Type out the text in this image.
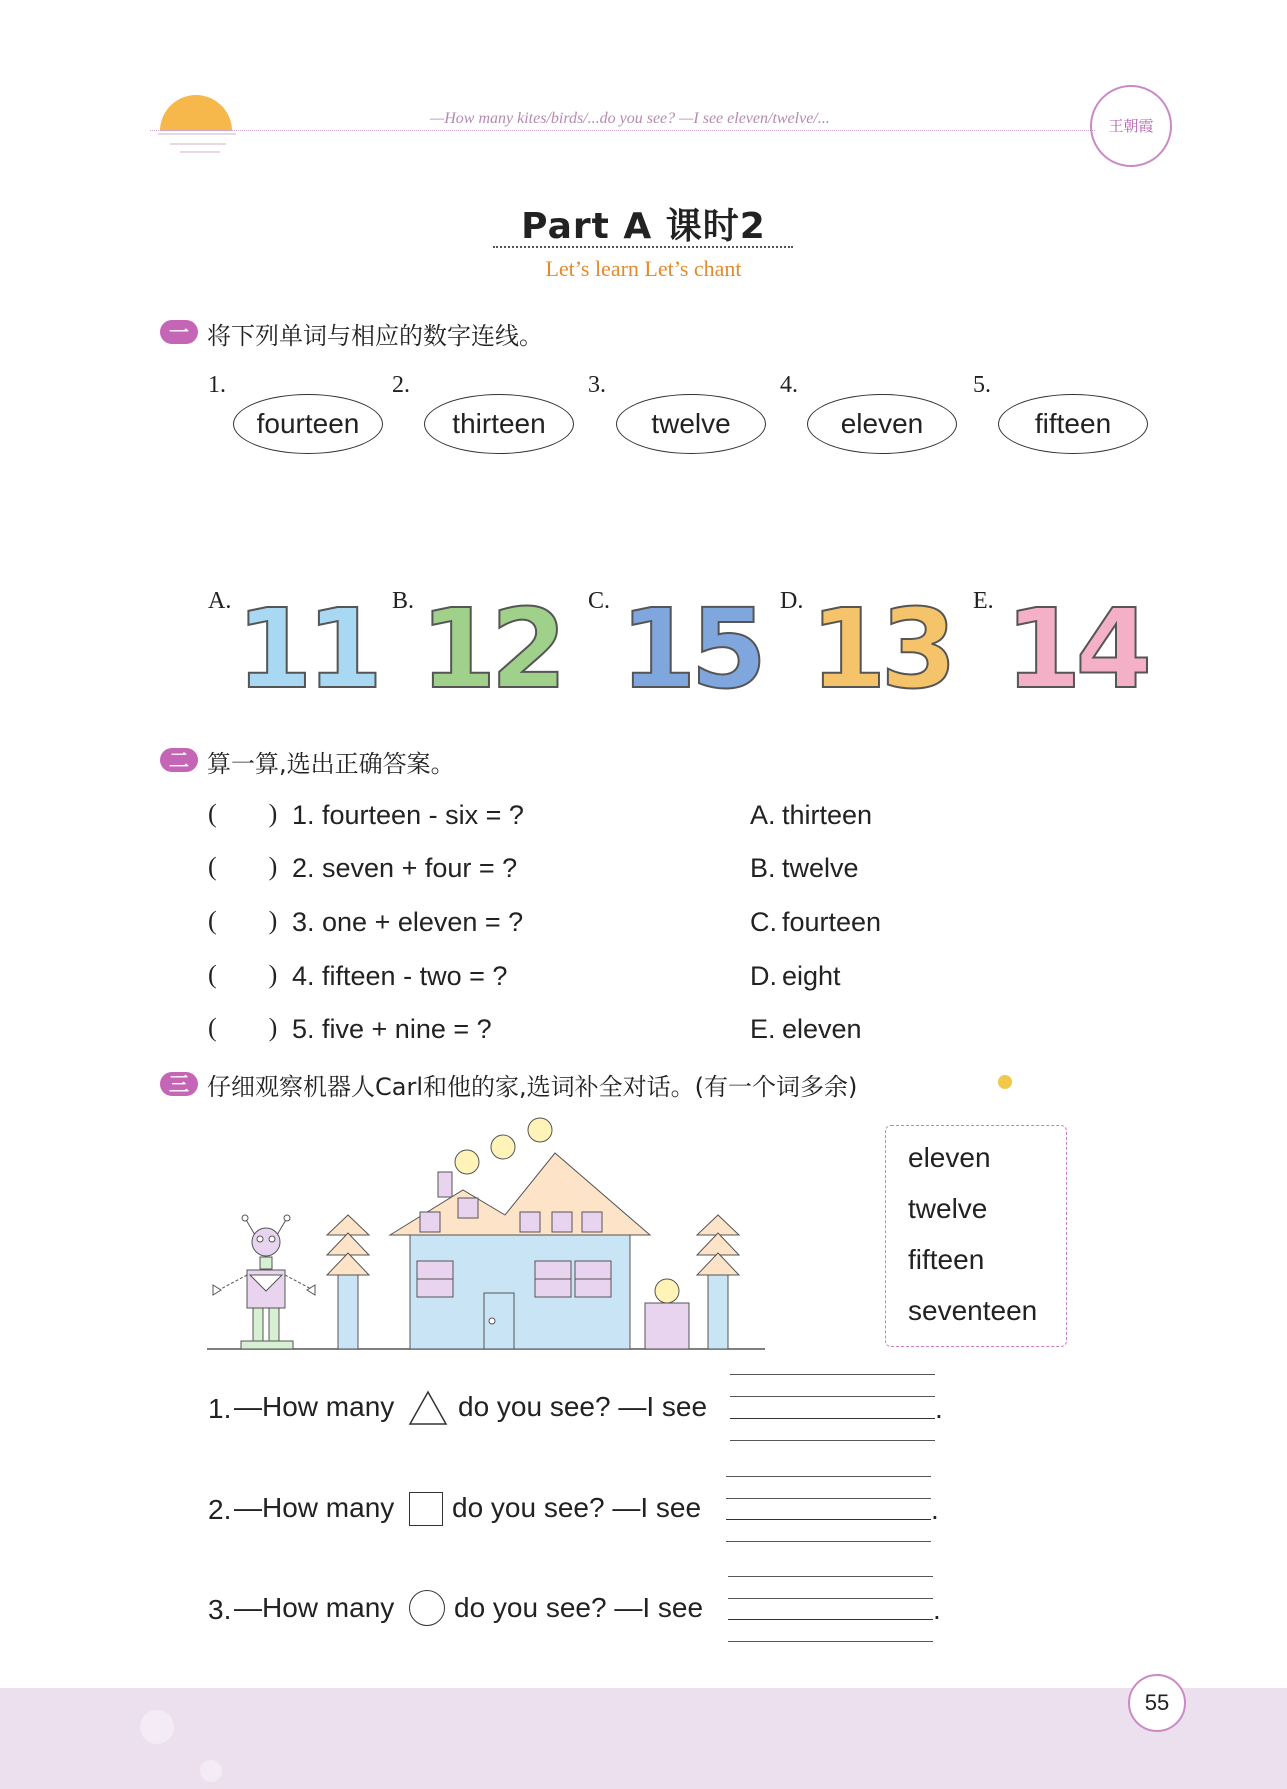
—How many kites/birds/...do you see? —I see eleven/twelve/...	王朝霞
Part A 课时2
Let’s learn Let’s chant
一 将下列单词与相应的数字连线。
1.
fourteen
2.
thirteen
3.
twelve
4.
eleven
5.
fifteen
A. 11 B. 12 C. 15 D. 13 E. 14
二 算一算,选出正确答案。
(        ) 1. fourteen - six = ?
(        ) 2. seven + four = ?
(        ) 3. one + eleven = ?
(        ) 4. fifteen - two = ?
(        ) 5. five + nine = ?
A. thirteen
B. twelve
C. fourteen
D. eight
E. eleven
三 仔细观察机器人Carl和他的家,选词补全对话。(有一个词多余)
eleven
twelve
fifteen
seventeen
1. —How many do you see? —I see	.
2. —How many do you see? —I see	.
3. —How many do you see? —I see	.
55
